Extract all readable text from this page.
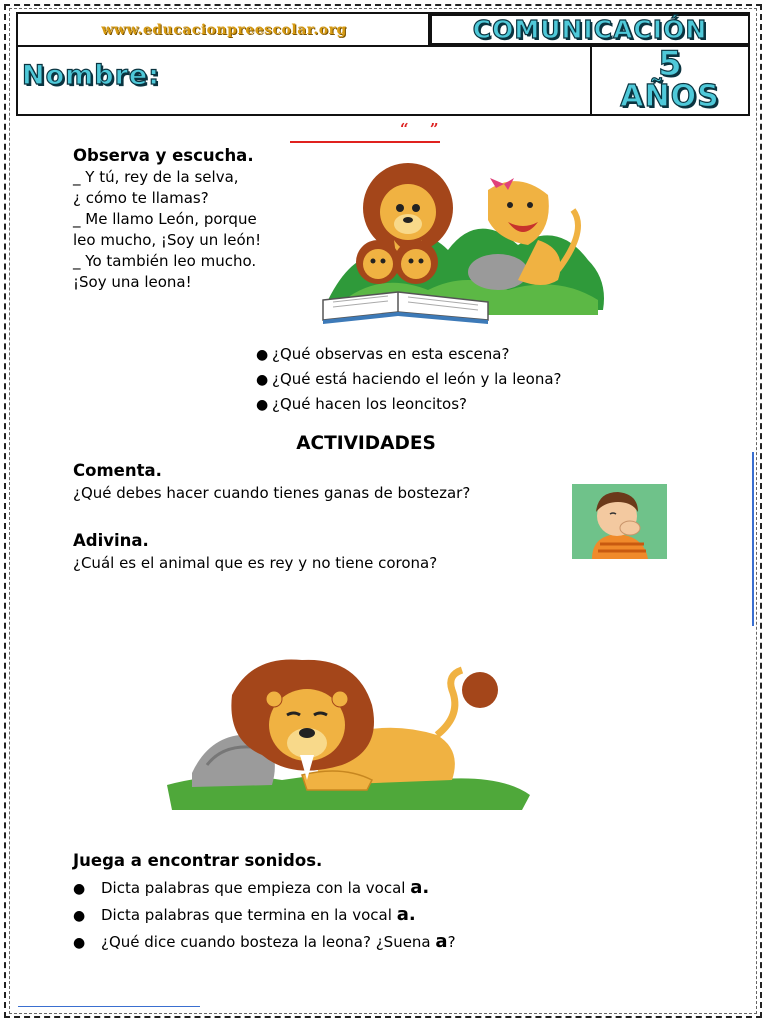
www.educacionpreescolar.org	COMUNICACIÓN
Nombre:	5
AÑOS
“ ”
Observa y escucha.
_ Y tú, rey de la selva,
¿ cómo te llamas?
_ Me llamo León, porque
leo mucho, ¡Soy un león!
_ Yo también leo mucho.
¡Soy una leona!
● ¿Qué observas en esta escena?
● ¿Qué está haciendo el león y la leona?
● ¿Qué hacen los leoncitos?
ACTIVIDADES
Comenta.
¿Qué debes hacer cuando tienes ganas de bostezar?
Adivina.
¿Cuál es el animal que es rey y no tiene corona?
Juega a encontrar sonidos.
● Dicta palabras que empieza con la vocal a.
● Dicta palabras que termina en la vocal a.
● ¿Qué dice cuando bosteza la leona? ¿Suena a?
